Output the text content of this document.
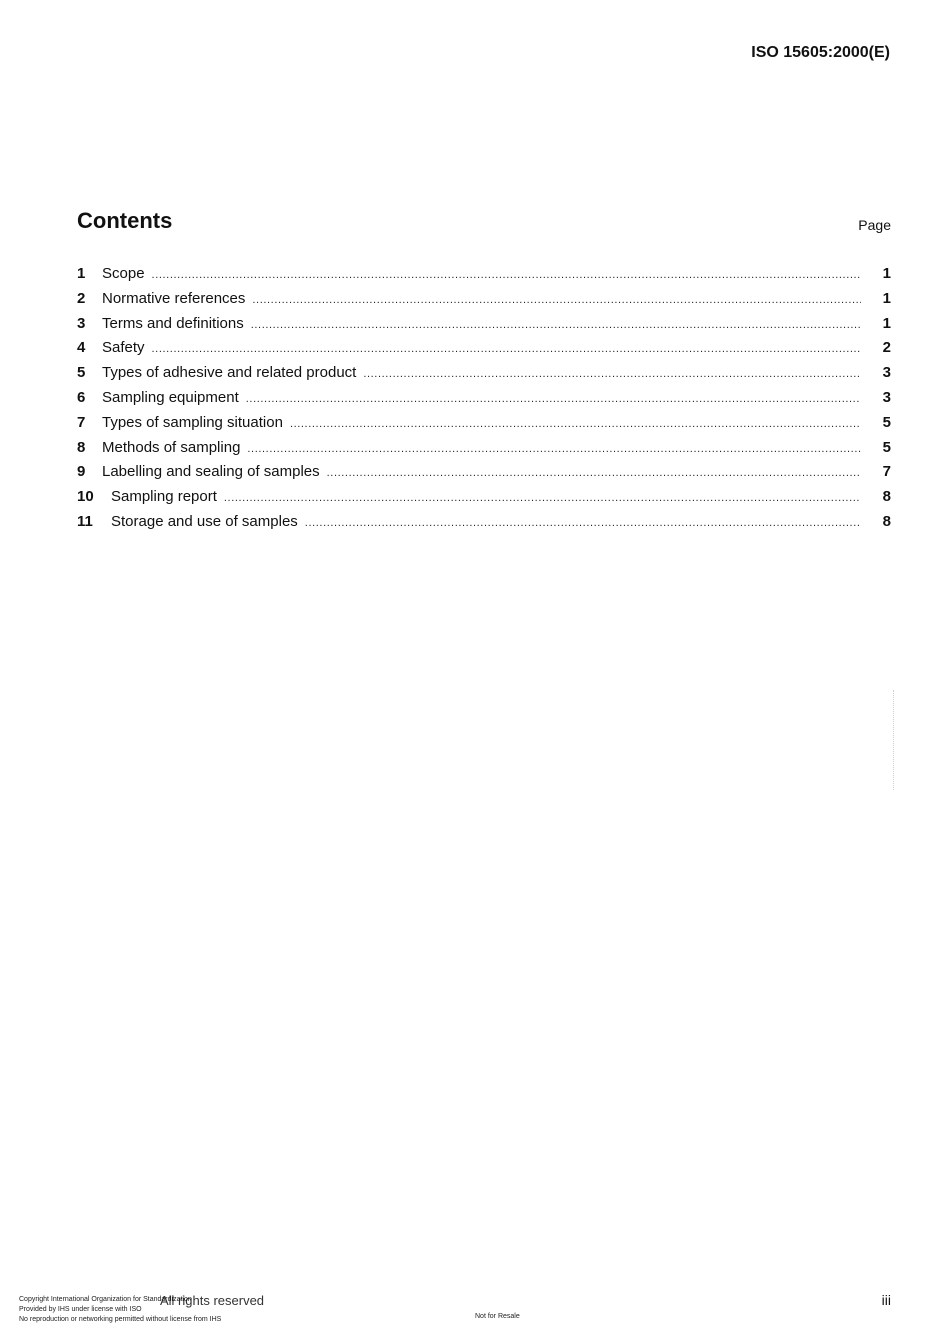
ISO 15605:2000(E)
Contents	Page
1	Scope .....	1
2	Normative references .....	1
3	Terms and definitions .....	1
4	Safety .....	2
5	Types of adhesive and related product .....	3
6	Sampling equipment .....	3
7	Types of sampling situation .....	5
8	Methods of sampling .....	5
9	Labelling and sealing of samples .....	7
10	Sampling report .....	8
11	Storage and use of samples .....	8
All rights reserved
Copyright International Organization for Standardization
Provided by IHS under license with ISO
No reproduction or networking permitted without license from IHS	Not for Resale
iii
